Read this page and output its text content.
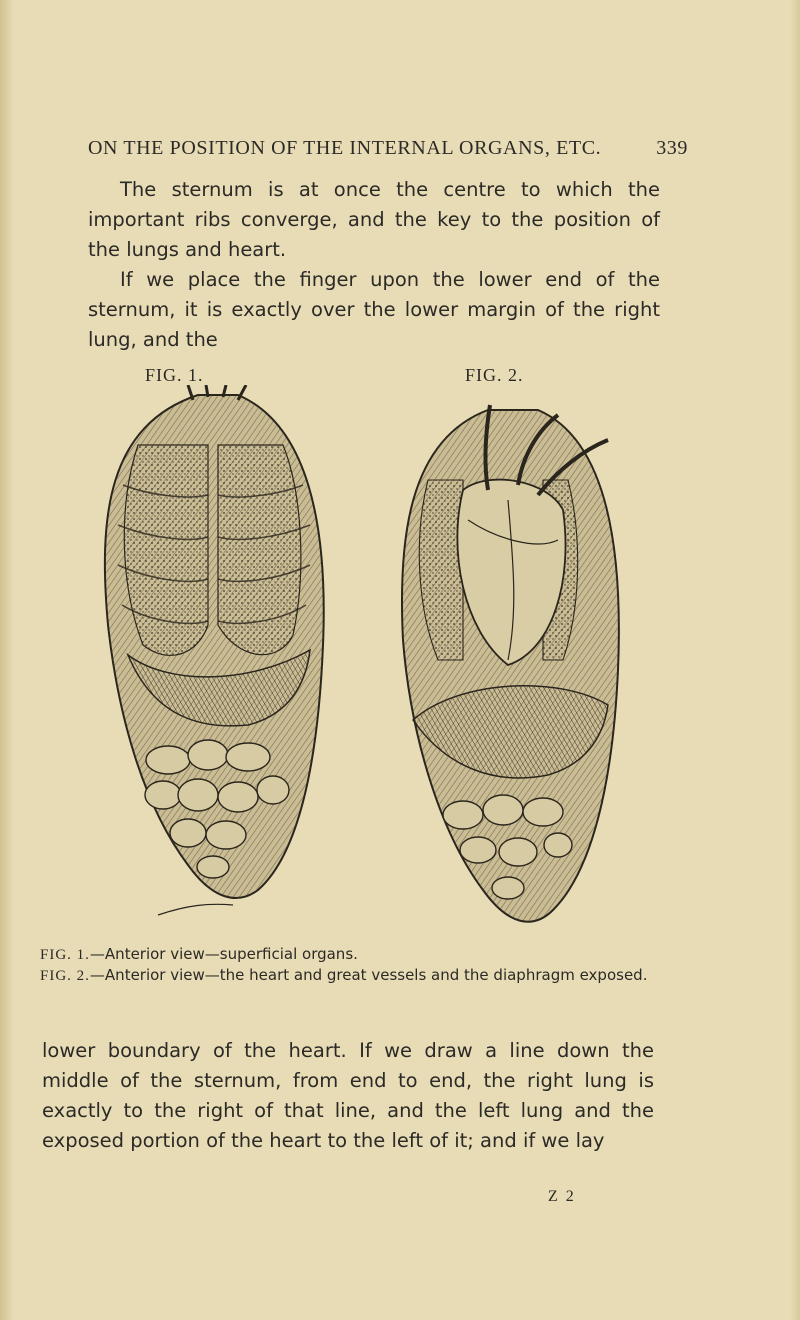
ON THE POSITION OF THE INTERNAL ORGANS, ETC.	339

The sternum is at once the centre to which the important ribs converge, and the key to the position of the lungs and heart.

If we place the finger upon the lower end of the sternum, it is exactly over the lower margin of the right lung, and the

FIG. 1.	FIG. 2.
FIG. 1.—Anterior view—superficial organs.
FIG. 2.—Anterior view—the heart and great vessels and the diaphragm exposed.

lower boundary of the heart. If we draw a line down the middle of the sternum, from end to end, the right lung is exactly to the right of that line, and the left lung and the exposed portion of the heart to the left of it; and if we lay

Z 2
